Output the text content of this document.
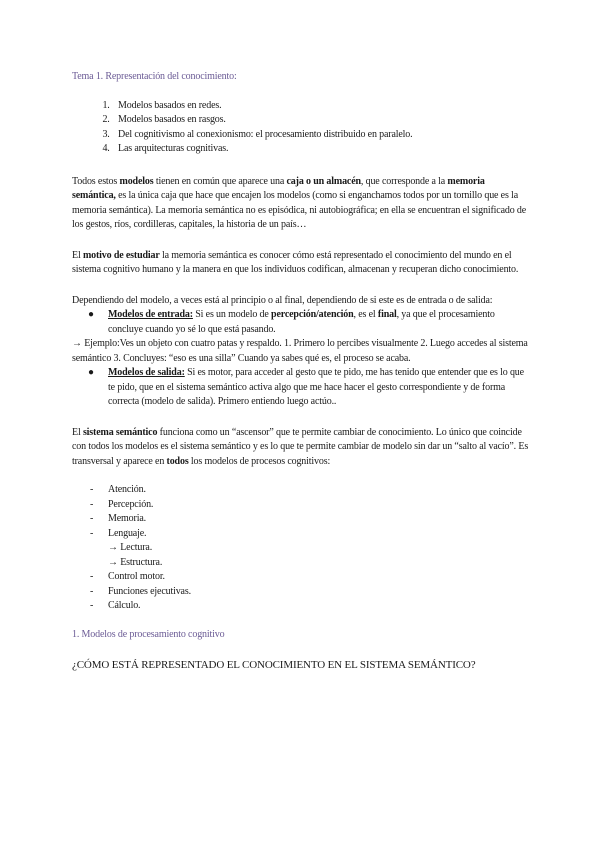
Tema 1. Representación del conocimiento:
1. Modelos basados en redes.
2. Modelos basados en rasgos.
3. Del cognitivismo al conexionismo: el procesamiento distribuido en paralelo.
4. Las arquitecturas cognitivas.

Todos estos modelos tienen en común que aparece una caja o un almacén, que corresponde a la memoria semántica, es la única caja que hace que encajen los modelos (como si enganchamos todos por un tornillo que es la memoria semántica). La memoria semántica no es episódica, ni autobiográfica; en ella se encuentran el significado de los gestos, ríos, cordilleras, capitales, la historia de un país…

El motivo de estudiar la memoria semántica es conocer cómo está representado el conocimiento del mundo en el sistema cognitivo humano y la manera en que los individuos codifican, almacenan y recuperan dicho conocimiento.

Dependiendo del modelo, a veces está al principio o al final, dependiendo de si este es de entrada o de salida:

● Modelos de entrada: Si es un modelo de percepción/atención, es el final, ya que el procesamiento concluye cuando yo sé lo que está pasando.

→ Ejemplo:Ves un objeto con cuatro patas y respaldo. 1. Primero lo percibes visualmente 2. Luego accedes al sistema semántico 3. Concluyes: “eso es una silla” Cuando ya sabes qué es, el proceso se acaba.

● Modelos de salida: Si es motor, para acceder al gesto que te pido, me has tenido que entender que es lo que te pido, que en el sistema semántico activa algo que me hace hacer el gesto correspondiente y de forma correcta (modelo de salida). Primero entiendo luego actúo..

El sistema semántico funciona como un “ascensor” que te permite cambiar de conocimiento. Lo único que coincide con todos los modelos es el sistema semántico y es lo que te permite cambiar de modelo sin dar un “salto al vacío”. Es transversal y aparece en todos los modelos de procesos cognitivos:

- Atención.
- Percepción.
- Memoria.
- Lenguaje.
→ Lectura.
→ Estructura.
- Control motor.
- Funciones ejecutivas.
- Cálculo.

1. Modelos de procesamiento cognitivo

¿CÓMO ESTÁ REPRESENTADO EL CONOCIMIENTO EN EL SISTEMA SEMÁNTICO?
